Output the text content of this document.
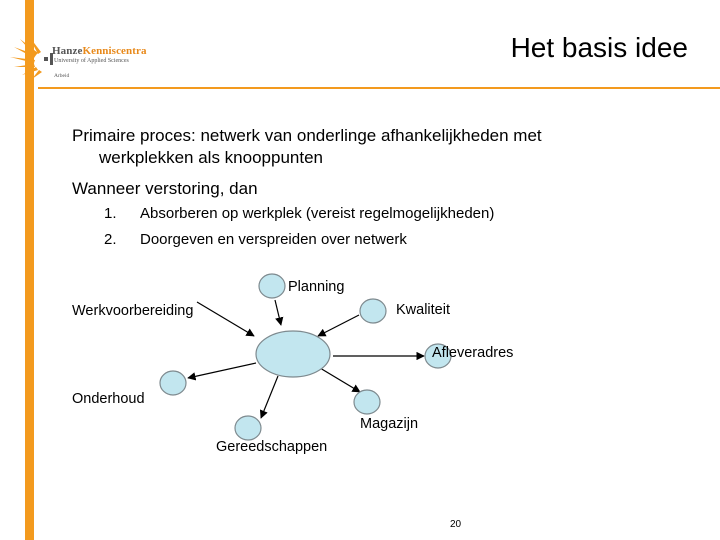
HanzeKenniscentra
University of Applied Sciences
Arbeid
Het basis idee
Primaire proces: netwerk van onderlinge afhankelijkheden met
werkplekken als knooppunten
Wanneer verstoring, dan
1. Absorberen op werkplek (vereist regelmogelijkheden)
2. Doorgeven en verspreiden over netwerk
Planning
Werkvoorbereiding	Kwaliteit
Afleveradres
Onderhoud
Magazijn
Gereedschappen
20
